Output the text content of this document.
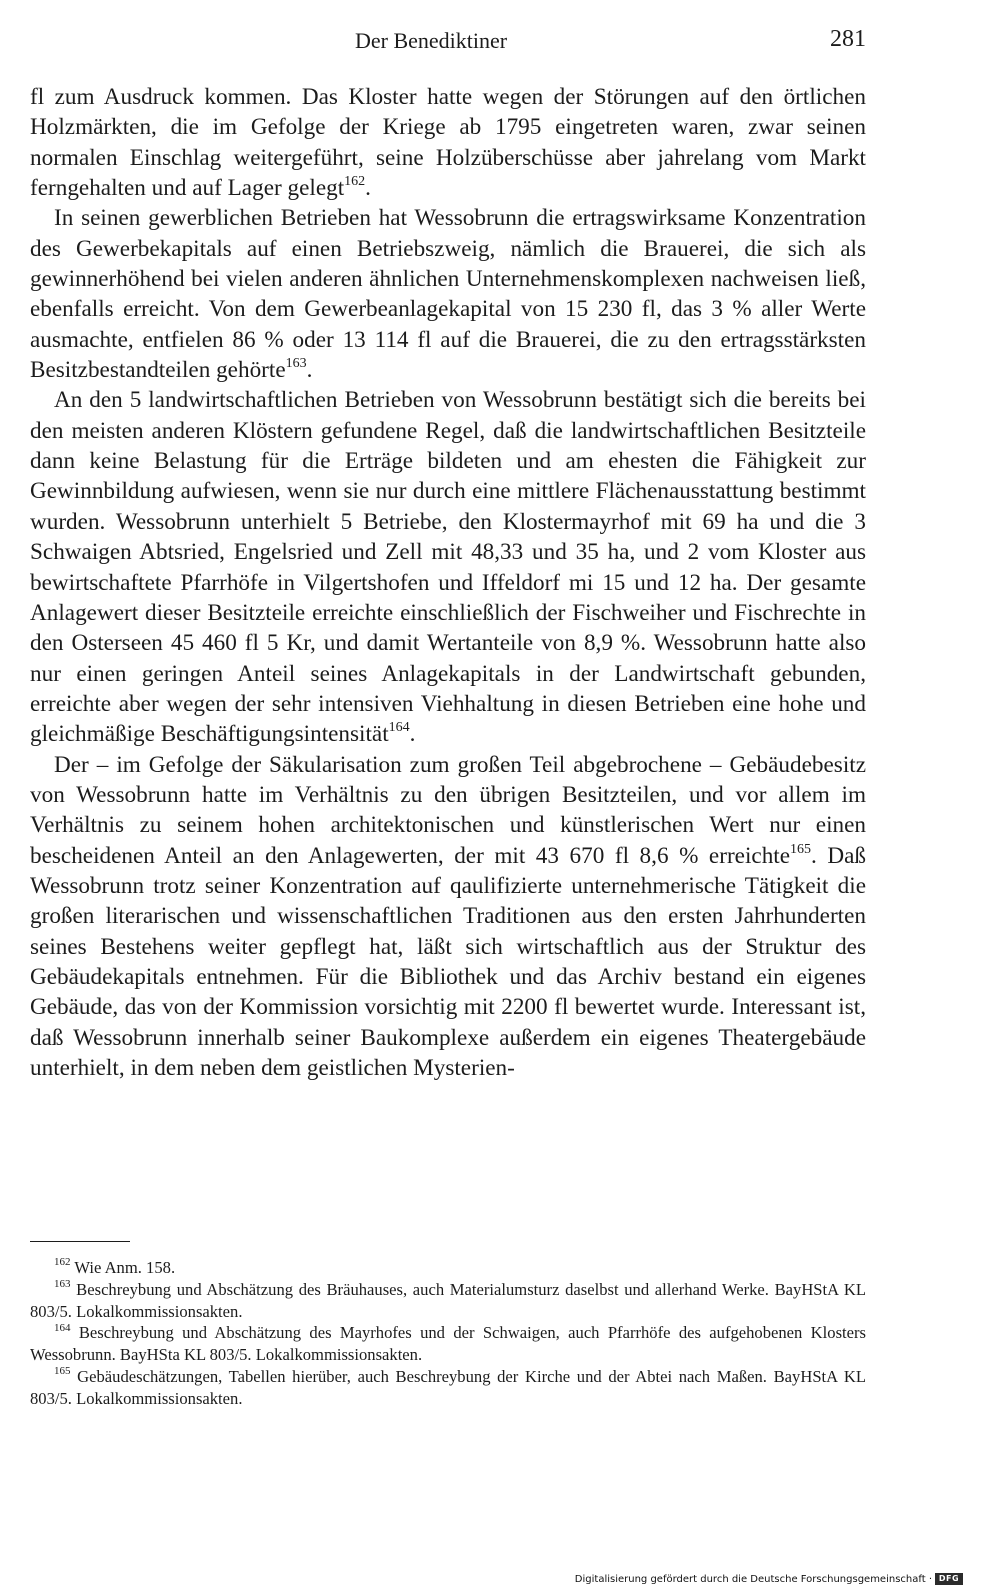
Der Benediktiner	281

fl zum Ausdruck kommen. Das Kloster hatte wegen der Störungen auf den örtlichen Holzmärkten, die im Gefolge der Kriege ab 1795 eingetreten waren, zwar seinen normalen Einschlag weitergeführt, seine Holzüberschüsse aber jahrelang vom Markt ferngehalten und auf Lager gelegt$^{162}$.

In seinen gewerblichen Betrieben hat Wessobrunn die ertragswirksame Konzentration des Gewerbekapitals auf einen Betriebszweig, nämlich die Brauerei, die sich als gewinnerhöhend bei vielen anderen ähnlichen Unternehmenskomplexen nachweisen ließ, ebenfalls erreicht. Von dem Gewerbeanlagekapital von 15 230 fl, das 3 % aller Werte ausmachte, entfielen 86 % oder 13 114 fl auf die Brauerei, die zu den ertragsstärksten Besitzbestandteilen gehörte$^{163}$.

An den 5 landwirtschaftlichen Betrieben von Wessobrunn bestätigt sich die bereits bei den meisten anderen Klöstern gefundene Regel, daß die landwirtschaftlichen Besitzteile dann keine Belastung für die Erträge bildeten und am ehesten die Fähigkeit zur Gewinnbildung aufwiesen, wenn sie nur durch eine mittlere Flächenausstattung bestimmt wurden. Wessobrunn unterhielt 5 Betriebe, den Klostermayrhof mit 69 ha und die 3 Schwaigen Abtsried, Engelsried und Zell mit 48,33 und 35 ha, und 2 vom Kloster aus bewirtschaftete Pfarrhöfe in Vilgertshofen und Iffeldorf mi 15 und 12 ha. Der gesamte Anlagewert dieser Besitzteile erreichte einschließlich der Fischweiher und Fischrechte in den Osterseen 45 460 fl 5 Kr, und damit Wertanteile von 8,9 %. Wessobrunn hatte also nur einen geringen Anteil seines Anlagekapitals in der Landwirtschaft gebunden, erreichte aber wegen der sehr intensiven Viehhaltung in diesen Betrieben eine hohe und gleichmäßige Beschäftigungsintensität$^{164}$.

Der – im Gefolge der Säkularisation zum großen Teil abgebrochene – Gebäudebesitz von Wessobrunn hatte im Verhältnis zu den übrigen Besitzteilen, und vor allem im Verhältnis zu seinem hohen architektonischen und künstlerischen Wert nur einen bescheidenen Anteil an den Anlagewerten, der mit 43 670 fl 8,6 % erreichte$^{165}$. Daß Wessobrunn trotz seiner Konzentration auf qaulifizierte unternehmerische Tätigkeit die großen literarischen und wissenschaftlichen Traditionen aus den ersten Jahrhunderten seines Bestehens weiter gepflegt hat, läßt sich wirtschaftlich aus der Struktur des Gebäudekapitals entnehmen. Für die Bibliothek und das Archiv bestand ein eigenes Gebäude, das von der Kommission vorsichtig mit 2200 fl bewertet wurde. Interessant ist, daß Wessobrunn innerhalb seiner Baukomplexe außerdem ein eigenes Theatergebäude unterhielt, in dem neben dem geistlichen Mysterien-

$^{162}$ Wie Anm. 158.

$^{163}$ Beschreybung und Abschätzung des Bräuhauses, auch Materialumsturz daselbst und allerhand Werke. BayHStA KL 803/5. Lokalkommissionsakten.

$^{164}$ Beschreybung und Abschätzung des Mayrhofes und der Schwaigen, auch Pfarrhöfe des aufgehobenen Klosters Wessobrunn. BayHSta KL 803/5. Lokalkommissionsakten.

$^{165}$ Gebäudeschätzungen, Tabellen hierüber, auch Beschreybung der Kirche und der Abtei nach Maßen. BayHStA KL 803/5. Lokalkommissionsakten.

Digitalisierung gefördert durch die Deutsche Forschungsgemeinschaft · DFG
